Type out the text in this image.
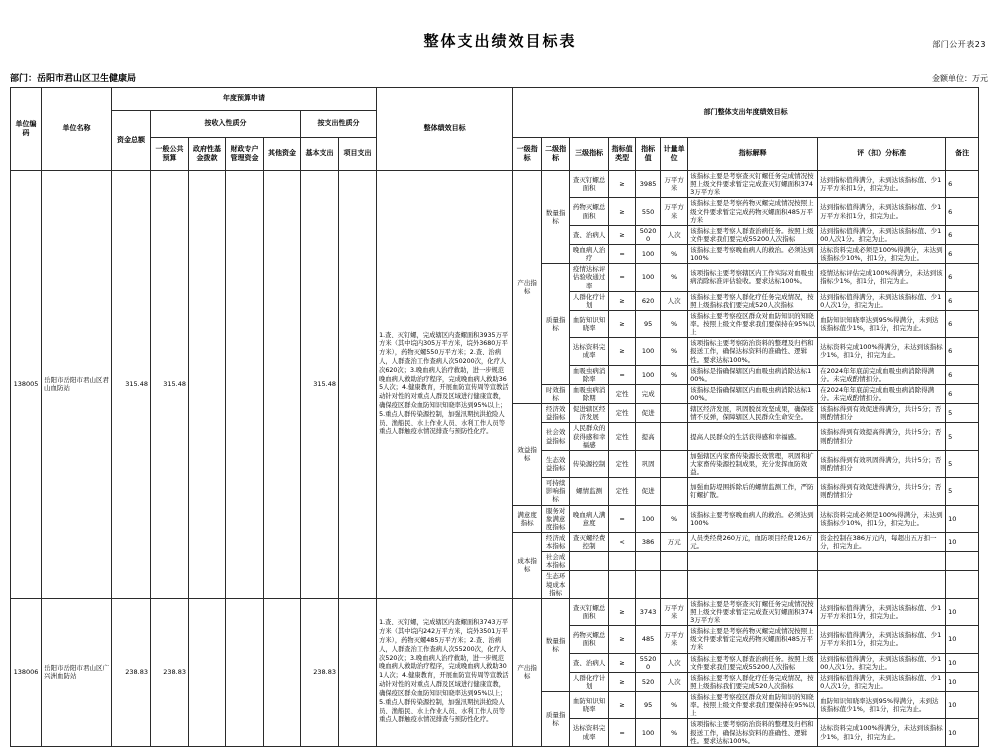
部门公开表23
整体支出绩效目标表
部门：岳阳市君山区卫生健康局	金额单位：万元
单位编码	单位名称	年度预算申请							整体绩效目标	部门整体支出年度绩效目标								
		资金总额	按收入性质分				按支出性质分											
			一般公共预算	政府性基金拨款	财政专户管理资金	其他资金	基本支出	项目支出		一级指标	二级指标	三级指标	指标值类型	指标值	计量单位	指标解释	评（扣）分标准	备注
138005	岳阳市岳阳市君山区君山血防站	315.48	315.48				315.48		1.查、灭钉螺，完成辖区内查螺面积3935万平方米（其中垸内305万平方米，垸外3680万平方米），药物灭螺550万平方米；2.查、治病人，人群查治工作查病人次50200次，化疗人次620次；3.晚血病人治疗救助，进一步规范晚血病人救助治疗程序，完成晚血病人救助365人次；4.健康教育，开展血防宣传周等宣教活动针对性的对重点人群及区域进行健康宣教，确保疫区群众血防知识知晓率达到95%以上；5.重点人群传染源控制，加强汛期抗洪抢险人员、渔船民、水上作业人员、水利工作人员等重点人群触疫水情况排查与预防性化疗。	产出指标	数量指标	查灭钉螺总面积	≥	3985	万平方米	该指标主要是考察查灭钉螺任务完成情况按照上级文件要求暂定完成查灭钉螺面积3743万平方米	达到指标值得满分，未到达该指标值、少1万平方米扣1分，扣完为止。	6
												药物灭螺总面积	≥	550	万平方米	该指标主要是考察药物灭螺完成情况按照上级文件要求暂定完成药物灭螺面积485万平方米	达到指标值得满分，未到达该指标值、少1万平方米扣1分，扣完为止。	6
												查、治病人	≥	50200	人次	该指标主要考察人群查治病任务。按照上级文件要求我们要完成55200人次指标	达到指标值得满分，未到达该指标值、少100人次1分。扣完为止。	6
												晚血病人治疗	=	100	%	该指标主要考察晚血病人的救治。必须达到100%	达标资料完成必须是100%得满分，未达到该指标少10%，扣1分，扣完为止。	6
											质量指标	疫情达标评估验收通过率	=	100	%	该项指标主要考察辖区内工作实际对血吸虫病消除标准评估验收。要求达标100%。	疫情达标评估完成100%得满分，未达到该指标少1%，扣1分，扣完为止。	6
												人群化疗计划	≥	620	人次	该指标主要考察人群化疗任务完成情况，按照上级指标我们要完成520人次指标	达到指标值得满分，未到达该指标值、少10人次1分，扣完为止。	6
												血防知识知晓率	≥	95	%	该指标主要考察疫区群众对血防知识的知晓率。按照上级文件要求我们要保持在95%以上	血防知识知晓率达到95%得满分，未到达该指标值少1%，扣1分，扣完为止。	6
												达标资料完成率	≥	100	%	该项指标主要考察防治资料的整理及归档和报送工作，确保达标资料的准确性、逻辑性。要求达标100%。	达标资料完成100%得满分，未达到该指标少1%，扣1分，扣完为止。	6
												血吸虫病消除率	=	100	%	该指标是指确保辖区内血吸虫病消除达标100%。	在2024年年底前完成血吸虫病消除得满分。未完成酌情扣分。	6
											时效指标	血吸虫病消除期	定性	完成		该指标是指确保辖区内血吸虫病消除达标100%。	在2024年年底前完成血吸虫病消除得满分。未完成酌情扣分。	6
										效益指标	经济效益指标	促进辖区经济发展	定性	促进		辖区经济发展，巩固脱贫攻坚成果，确保疫情不反弹，保障辖区人民群众生命安全。	该指标得到有效促进得满分，共计5分；否则酌情扣分	5
											社会效益指标	人民群众的获得感和幸福感	定性	提高		提高人民群众的生活获得感和幸福感。	该指标得到有效提高得满分，共计5分；否则酌情扣分	5
											生态效益指标	传染源控制	定性	巩固		加强辖区内家畜传染源长效管理，巩固和扩大家畜传染源控制成果，充分发挥血防效益。	该指标得到有效巩固得满分，共计5分；否则酌情扣分	5
											可持续影响指标	螺情监测	定性	促进		加强血防堤围拆除后的螺情监测工作，严防钉螺扩散。	该指标得到有效促进得满分，共计5分；否则酌情扣分	5
										满意度指标	服务对象满意度指标	晚血病人满意度	=	100	%	该指标主要考察晚血病人的救治。必须达到100%	达标资料完成必须是100%得满分，未达到该指标少10%，扣1分，扣完为止。	10
										成本指标	经济成本指标	查灭螺经费控制	<	386	万元	人员类经费260万元，血防项目经费126万元。	资金控制在386万元内，每超出五万扣一分，扣完为止。	10
											社会成本指标							
											生态环境成本指标							
138006	岳阳市岳阳市君山区广兴洲血防站	238.83	238.83				238.83		1.查、灭钉螺，完成辖区内查螺面积3743万平方米（其中垸内242万平方米，垸外3501万平方米），药物灭螺485万平方米；2.查、治病人，人群查治工作查病人次55200次，化疗人次520次；3.晚血病人治疗救助，进一步规范晚血病人救助治疗程序，完成晚血病人救助301人次；4.健康教育，开展血防宣传周等宣教活动针对性的对重点人群及区域进行健康宣教，确保疫区群众血防知识知晓率达到95%以上；5.重点人群传染源控制，加强汛期抗洪抢险人员、渔船民、水上作业人员、水利工作人员等重点人群触疫水情况排查与预防性化疗。	产出指标	数量指标	查灭钉螺总面积	≥	3743	万平方米	该指标主要是考察查灭钉螺任务完成情况按照上级文件要求暂定完成查灭钉螺面积3743万平方米	达到指标值得满分，未到达该指标值、少1万平方米扣1分，扣完为止。	10
												药物灭螺总面积	≥	485	万平方米	该指标主要是考察药物灭螺完成情况按照上级文件要求暂定完成药物灭螺面积485万平方米	达到指标值得满分，未到达该指标值、少1万平方米扣1分，扣完为止。	10
												查、治病人	≥	55200	人次	该指标主要考察人群查治病任务。按照上级文件要求我们要完成55200人次指标	达到指标值得满分，未到达该指标值、少100人次1分。扣完为止。	10
												人群化疗计划	≥	520	人次	该指标主要考察人群化疗任务完成情况，按照上级指标我们要完成520人次指标	达到指标值得满分，未到达该指标值、少10人次1分，扣完为止。	10
											质量指标	血防知识知晓率	≥	95	%	该指标主要考察疫区群众对血防知识的知晓率。按照上级文件要求我们要保持在95%以上	血防知识知晓率达到95%得满分，未到达该指标值少1%，扣1分，扣完为止。	10
												达标资料完成率	=	100	%	该项指标主要考察防治资料的整理及归档和报送工作，确保达标资料的准确性、逻辑性。要求达标100%。	达标资料完成100%得满分，未达到该指标少1%，扣1分，扣完为止。	10
